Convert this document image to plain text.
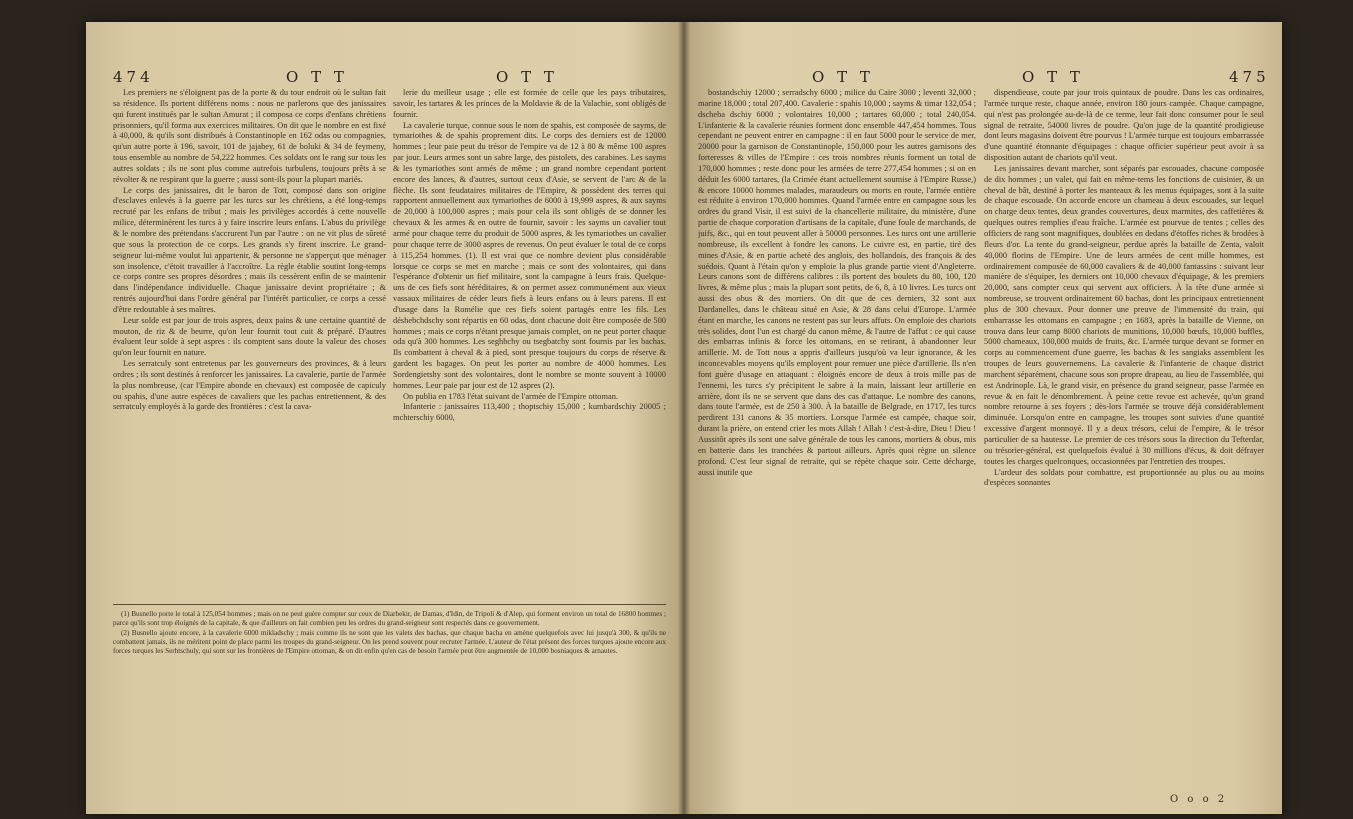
474	O T T	O T T

Les premiers ne s'éloignent pas de la porte & du tour endroit où le sultan fait sa résidence. Ils portent différens noms : nous ne parlerons que des janissaires qui furent institués par le sultan Amurat ; il composa ce corps d'enfans chrétiens prisonniers, qu'il forma aux exercices militaires. On dit que le nombre en est fixé à 40,000, & qu'ils sont distribués à Constantinople en 162 odas ou compagnies, qu'un autre porte à 196, savoir, 101 de jajabey, 61 de boluki & 34 de feymeny, tous ensemble au nombre de 54,222 hommes. Ces soldats ont le rang sur tous les autres soldats ; ils ne sont plus comme autrefois turbulens, toujours prêts à se révolter & ne respirant que la guerre ; aussi sont-ils pour la plupart mariés.

Le corps des janissaires, dit le baron de Tott, composé dans son origine d'esclaves enlevés à la guerre par les turcs sur les chrétiens, a été long-temps recruté par les enfans de tribut ; mais les privilèges accordés à cette nouvelle milice, déterminèrent les turcs à y faire inscrire leurs enfans. L'abus du privilège & le nombre des prétendans s'accrurent l'un par l'autre : on ne vit plus de sûreté que sous la protection de ce corps. Les grands s'y firent inscrire. Le grand-seigneur lui-même voulut lui appartenir, & personne ne s'apperçut que ménager son insolence, c'étoit travailler à l'accroître. La règle établie soutint long-temps ce corps contre ses propres désordres ; mais ils cessèrent enfin de se maintenir dans l'indépendance individuelle. Chaque janissaire devint propriétaire ; & rentrés aujourd'hui dans l'ordre général par l'intérêt particulier, ce corps a cessé d'être redoutable à ses maîtres.

Leur solde est par jour de trois aspres, deux pains & une certaine quantité de mouton, de riz & de beurre, qu'on leur fournit tout cuit & préparé. D'autres évaluent leur solde à sept aspres : ils comptent sans doute la valeur des choses qu'on leur fournit en nature.

Les serratculy sont entretenus par les gouverneurs des provinces, & à leurs ordres ; ils sont destinés à renforcer les janissaires. La cavalerie, partie de l'armée la plus nombreuse, (car l'Empire abonde en chevaux) est composée de capiculy ou spahis, d'une autre espèces de cavaliers que les pachas entretiennent, & des serratculy employés à la garde des frontières : c'est la cava-

lerie du meilleur usage ; elle est formée de celle que les pays tributaires, savoir, les tartares & les princes de la Moldavie & de la Valachie, sont obligés de fournir.

La cavalerie turque, connue sous le nom de spahis, est composée de sayms, de tymariothes & de spahis proprement dits. Le corps des derniers est de 12000 hommes ; leur paie peut du trésor de l'empire va de 12 à 80 & même 100 aspres par jour. Leurs armes sont un sabre large, des pistolets, des carabines. Les sayms & les tymariothes sont armés de même ; un grand nombre cependant portent encore des lances, & d'autres, surtout ceux d'Asie, se servent de l'arc & de la flèche. Ils sont feudataires militaires de l'Empire, & possèdent des terres qui rapportent annuellement aux tymariothes de 6000 à 19,999 aspres, & aux sayms de 20,000 à 100,000 aspres ; mais pour cela ils sont obligés de se donner les chevaux & les armes & en outre de fournir, savoir : les sayms un cavalier tout armé pour chaque terre du produit de 5000 aspres, & les tymariothes un cavalier pour chaque terre de 3000 aspres de revenus. On peut évaluer le total de ce corps à 115,254 hommes. (1). Il est vrai que ce nombre devient plus considérable lorsque ce corps se met en marche ; mais ce sont des volontaires, qui dans l'espérance d'obtenir un fief militaire, sont la campagne à leurs frais. Quelque-uns de ces fiefs sont héréditaires, & on permet assez communément aux vieux vassaux militaires de céder leurs fiefs à leurs enfans ou à leurs parens. Il est d'usage dans la Romélie que ces fiefs soient partagés entre les fils. Les déshebchdschy sont répartis en 60 odas, dont chacune doit être composée de 500 hommes ; mais ce corps n'étant presque jamais complet, on ne peut porter chaque oda qu'à 300 hommes. Les seghbchy ou tsegbatchy sont fournis par les bachas. Ils combattent à cheval & à pied, sont presque toujours du corps de réserve & gardent les bagages. On peut les porter au nombre de 4000 hommes. Les Sordengietshy sont des volontaires, dont le nombre se monte souvent à 10000 hommes. Leur paie par jour est de 12 aspres (2).

On publia en 1783 l'état suivant de l'armée de l'Empire ottoman.

Infanterie : janissaires 113,400 ; thoptschiy 15,000 ; kumbardschiy 20005 ; mchterschiy 6000,

(1) Busnello porte le total à 125,054 hommes ; mais on ne peut guère compter sur ceux de Diarbekir, de Damas, d'Idin, de Tripoli & d'Alep, qui forment environ un total de 16800 hommes ; parce qu'ils sont trop éloignés de la capitale, & que d'ailleurs on fait combien peu les ordres du grand-seigneur sont respectés dans ce gouvernement.

(2) Busnello ajoute encore, à la cavalerie 6000 mikladschy ; mais comme ils ne sont que les valets des bachas, que chaque bacha en amène quelquefois avec lui jusqu'à 300, & qu'ils ne combattent jamais, ils ne méritent point de place parmi les troupes du grand-seigneur. On les prend souvent pour recruter l'armée. L'auteur de l'état présent des forces turques ajoute encore aux forces turques les Serhtschuly, qui sont sur les frontières de l'Empire ottoman, & on dit enfin qu'en cas de besoin l'armée peut être augmentée de 10,000 bosniaques & arnautes.

O T T	O T T	475

bostandschiy 12000 ; serradschy 6000 ; milice du Caire 3000 ; leventi 32,000 ; marine 18,000 ; total 207,400. Cavalerie : spahis 10,000 ; sayms & timar 132,054 ; dscheba dschiy 6000 ; volontaires 10,000 ; tartares 60,000 ; total 240,054. L'infanterie & la cavalerie réunies forment donc ensemble 447,454 hommes. Tous cependant ne peuvent entrer en campagne : il en faut 5000 pour le service de mer, 20000 pour la garnison de Constantinople, 150,000 pour les autres garnisons des forteresses & villes de l'Empire : ces trois nombres réunis forment un total de 170,000 hommes ; reste donc pour les armées de terre 277,454 hommes ; si on en déduit les 6000 tartares, (la Crimée étant actuellement soumise à l'Empire Russe,) & encore 10000 hommes malades, maraudeurs ou morts en route, l'armée entière est réduite à environ 170,000 hommes. Quand l'armée entre en campagne sous les ordres du grand Visir, il est suivi de la chancellerie militaire, du ministère, d'une partie de chaque corporation d'artisans de la capitale, d'une foule de marchands, de juifs, &c., qui en tout peuvent aller à 50000 personnes. Les turcs ont une artillerie nombreuse, ils excellent à fondre les canons. Le cuivre est, en partie, tiré des mines d'Asie, & en partie acheté des anglois, des hollandois, des françois & des suédois. Quant à l'étain qu'on y emploie la plus grande partie vient d'Angleterre. Leurs canons sont de différens calibres : ils portent des boulets du 80, 100, 120 livres, & même plus ; mais la plupart sont petits, de 6, 8, à 10 livres. Les turcs ont aussi des obus & des mortiers. On dit que de ces derniers, 32 sont aux Dardanelles, dans le château situé en Asie, & 28 dans celui d'Europe. L'armée étant en marche, les canons ne restent pas sur leurs affuts. On emploie des chariots très solides, dont l'un est chargé du canon même, & l'autre de l'affut : ce qui cause des embarras infinis & force les ottomans, en se retirant, à abandonner leur artillerie. M. de Tott nous a appris d'ailleurs jusqu'où va leur ignorance, & les inconcevables moyens qu'ils employent pour remuer une pièce d'artillerie. Ils n'en font guère d'usage en attaquant : éloignés encore de deux à trois mille pas de l'ennemi, les turcs s'y précipitent le sabre à la main, laissant leur artillerie en arrière, dont ils ne se servent que dans des cas d'attaque. Le nombre des canons, dans toute l'armée, est de 250 à 300. À la bataille de Belgrade, en 1717, les turcs perdirent 131 canons & 35 mortiers. Lorsque l'armée est campée, chaque soir, durant la prière, on entend crier les mots Allah ! Allah ! c'est-à-dire, Dieu ! Dieu ! Aussitôt après ils sont une salve générale de tous les canons, mortiers & obus, mis en batterie dans les tranchées & partout ailleurs. Après quoi règne un silence profond. C'est leur signal de retraite, qui se répète chaque soir. Cette décharge, aussi inutile que

dispendieuse, coute par jour trois quintaux de poudre. Dans les cas ordinaires, l'armée turque reste, chaque année, environ 180 jours campée. Chaque campagne, qui n'est pas prolongée au-de-là de ce terme, leur fait donc consumer pour le seul signal de retraite, 54000 livres de poudre. Qu'on juge de la quantité prodigieuse dont leurs magasins doivent être pourvus ! L'armée turque est toujours embarrassée d'une quantité étonnante d'équipages : chaque officier supérieur peut avoir à sa disposition autant de chariots qu'il veut.

Les janissaires devant marcher, sont séparés par escouades, chacune composée de dix hommes ; un valet, qui fait en même-tems les fonctions de cuisinier, & un cheval de bât, destiné à porter les manteaux & les menus équipages, sont à la suite de chaque escouade. On accorde encore un chameau à deux escouades, sur lequel on charge deux tentes, deux grandes couvertures, deux marmites, des caffetières & quelques outres remplies d'eau fraîche. L'armée est pourvue de tentes ; celles des officiers de rang sont magnifiques, doublées en dedans d'étoffes riches & brodées à fleurs d'or. La tente du grand-seigneur, perdue après la bataille de Zenta, valoit 40,000 florins de l'Empire. Une de leurs armées de cent mille hommes, est ordinairement composée de 60,000 cavaliers & de 40,000 fantassins : suivant leur manière de s'équiper, les derniers ont 10,000 chevaux d'équipage, & les premiers 20,000, sans compter ceux qui servent aux officiers. À la tête d'une armée si nombreuse, se trouvent ordinairement 60 bachas, dont les principaux entretiennent plus de 300 chevaux. Pour donner une preuve de l'immensité du train, qui embarrasse les ottomans en campagne ; en 1683, après la bataille de Vienne, on trouva dans leur camp 8000 chariots de munitions, 10,000 bœufs, 10,000 buffles, 5000 chameaux, 100,000 muids de fruits, &c. L'armée turque devant se former en corps au commencement d'une guerre, les bachas & les sangiaks assemblent les troupes de leurs gouvernemens. La cavalerie & l'infanterie de chaque district marchent séparément, chacune sous son propre drapeau, au lieu de l'assemblée, qui est Andrinople. Là, le grand visir, en présence du grand seigneur, passe l'armée en revue & en fait le dénombrement. À peine cette revue est achevée, qu'un grand nombre retourne à ses foyers ; dès-lors l'armée se trouve déjà considérablement diminuée. Lorsqu'on entre en campagne, les troupes sont suivies d'une quantité excessive d'argent monnoyé. Il y a deux trésors, celui de l'empire, & le trésor particulier de sa hautesse. Le premier de ces trésors sous la direction du Tefterdar, ou trésorier-général, est quelquefois évalué à 30 millions d'écus, & doit défrayer toutes les charges quelconques, occasionnées par l'entretien des troupes.

L'ardeur des soldats pour combattre, est proportionnée au plus ou au moins d'espèces sonnantes

O o o 2
